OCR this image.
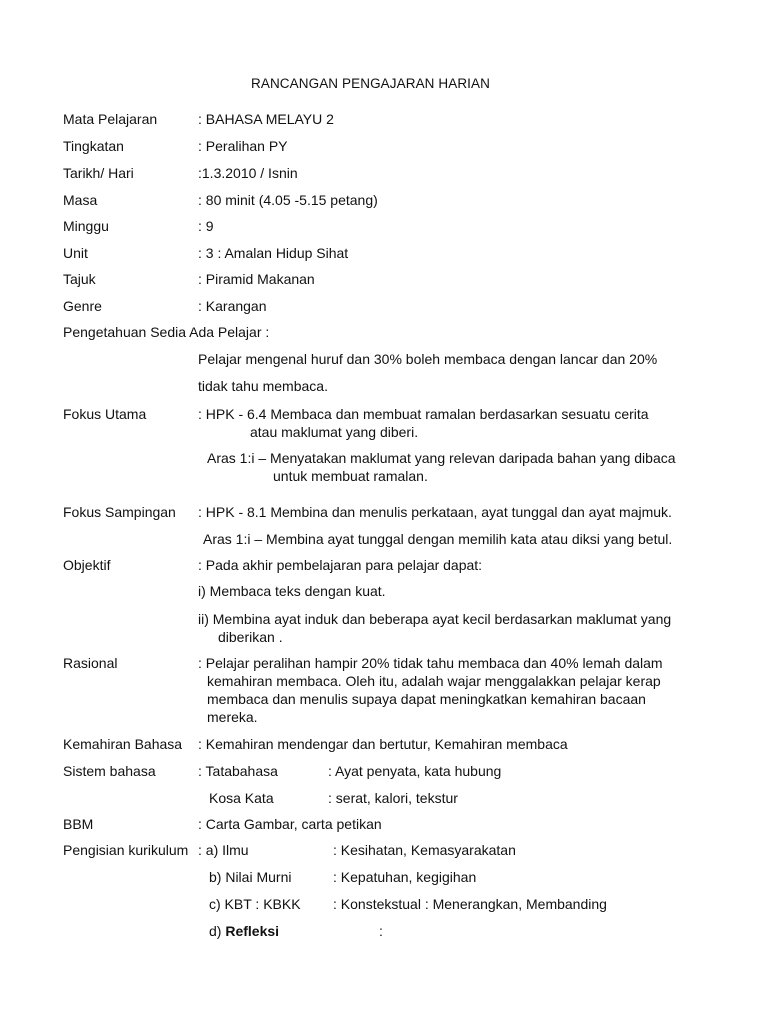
RANCANGAN PENGAJARAN HARIAN
Mata Pelajaran	: BAHASA MELAYU 2
Tingkatan	: Peralihan PY
Tarikh/ Hari	:1.3.2010 / Isnin
Masa	: 80 minit (4.05 -5.15 petang)
Minggu	: 9
Unit	: 3 : Amalan Hidup Sihat
Tajuk	: Piramid Makanan
Genre	: Karangan
Pengetahuan Sedia Ada Pelajar :
Pelajar mengenal huruf dan 30% boleh membaca dengan lancar dan 20%
tidak tahu membaca.
Fokus Utama	: HPK - 6.4 Membaca dan membuat ramalan berdasarkan sesuatu cerita
atau maklumat yang diberi.
Aras 1:i – Menyatakan maklumat yang relevan daripada bahan yang dibaca
untuk membuat ramalan.
Fokus Sampingan : HPK - 8.1 Membina dan menulis perkataan, ayat tunggal dan ayat majmuk.
Aras 1:i – Membina ayat tunggal dengan memilih kata atau diksi yang betul.
Objektif	: Pada akhir pembelajaran para pelajar dapat:
i) Membaca teks dengan kuat.
ii) Membina ayat induk dan beberapa ayat kecil berdasarkan maklumat yang
diberikan .
Rasional	: Pelajar peralihan hampir 20% tidak tahu membaca dan 40% lemah dalam
kemahiran membaca. Oleh itu, adalah wajar menggalakkan pelajar kerap
membaca dan menulis supaya dapat meningkatkan kemahiran bacaan
mereka.
Kemahiran Bahasa : Kemahiran mendengar dan bertutur, Kemahiran membaca
Sistem bahasa	: Tatabahasa	: Ayat penyata, kata hubung
Kosa Kata	: serat, kalori, tekstur
BBM	: Carta Gambar, carta petikan
Pengisian kurikulum : a) Ilmu	: Kesihatan, Kemasyarakatan
b) Nilai Murni	: Kepatuhan, kegigihan
c) KBT : KBKK : Konstekstual : Menerangkan, Membanding
d) Refleksi	:
